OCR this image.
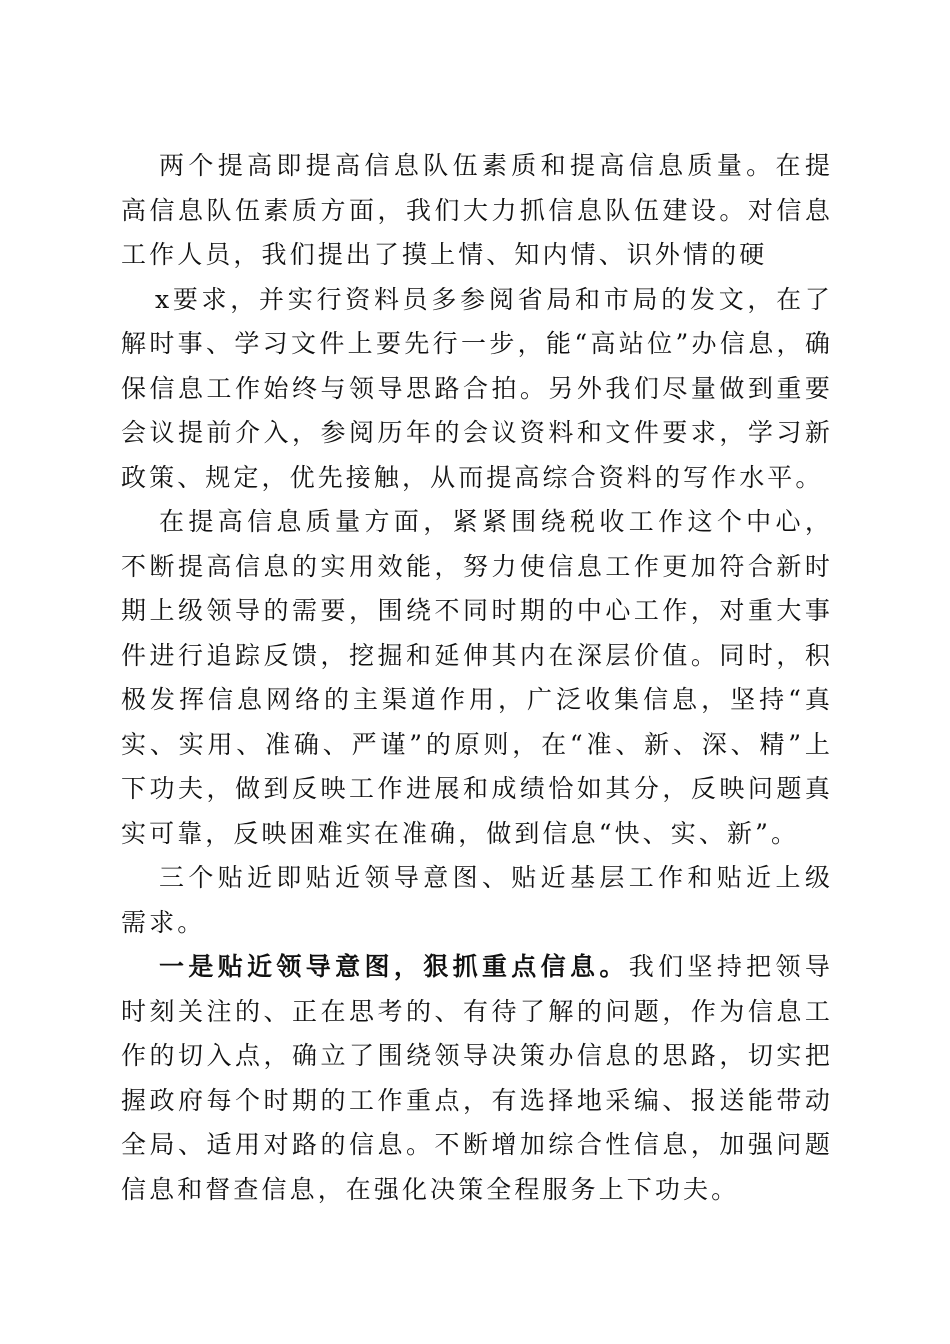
两个提高即提高信息队伍素质和提高信息质量。在提高信息队伍素质方面，我们大力抓信息队伍建设。对信息工作人员，我们提出了摸上情、知内情、识外情的硬

x要求，并实行资料员多参阅省局和市局的发文，在了解时事、学习文件上要先行一步，能“高站位”办信息，确保信息工作始终与领导思路合拍。另外我们尽量做到重要会议提前介入，参阅历年的会议资料和文件要求，学习新政策、规定，优先接触，从而提高综合资料的写作水平。

在提高信息质量方面，紧紧围绕税收工作这个中心，不断提高信息的实用效能，努力使信息工作更加符合新时期上级领导的需要，围绕不同时期的中心工作，对重大事件进行追踪反馈，挖掘和延伸其内在深层价值。同时，积极发挥信息网络的主渠道作用，广泛收集信息，坚持“真实、实用、准确、严谨”的原则，在“准、新、深、精”上下功夫，做到反映工作进展和成绩恰如其分，反映问题真实可靠，反映困难实在准确，做到信息“快、实、新”。

三个贴近即贴近领导意图、贴近基层工作和贴近上级需求。

一是贴近领导意图，狠抓重点信息。我们坚持把领导时刻关注的、正在思考的、有待了解的问题，作为信息工作的切入点，确立了围绕领导决策办信息的思路，切实把握政府每个时期的工作重点，有选择地采编、报送能带动全局、适用对路的信息。不断增加综合性信息，加强问题信息和督查信息，在强化决策全程服务上下功夫。
